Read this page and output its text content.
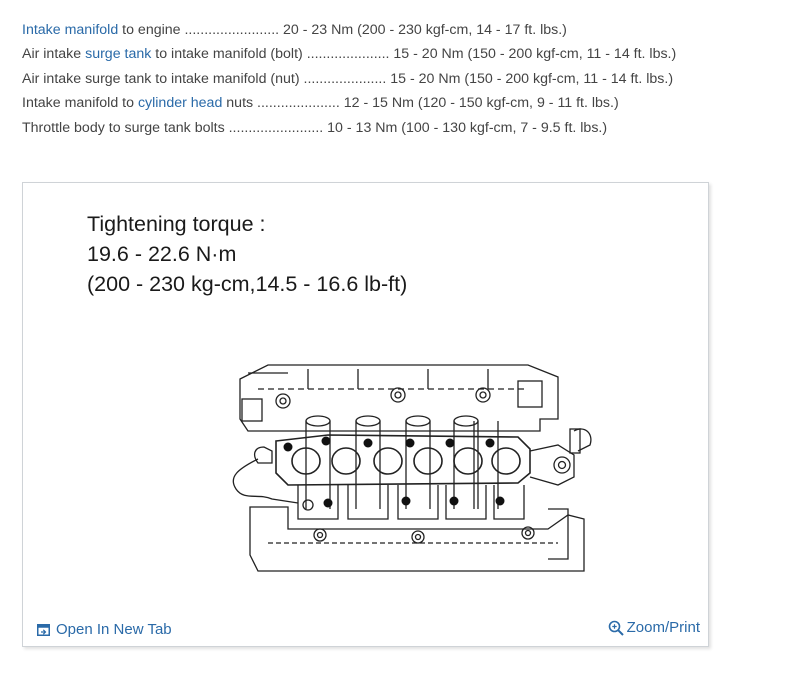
Intake manifold to engine ........................ 20 - 23 Nm (200 - 230 kgf-cm, 14 - 17 ft. lbs.)
Air intake surge tank to intake manifold (bolt) ..................... 15 - 20 Nm (150 - 200 kgf-cm, 11 - 14 ft. lbs.)
Air intake surge tank to intake manifold (nut) ..................... 15 - 20 Nm (150 - 200 kgf-cm, 11 - 14 ft. lbs.)
Intake manifold to cylinder head nuts ..................... 12 - 15 Nm (120 - 150 kgf-cm, 9 - 11 ft. lbs.)
Throttle body to surge tank bolts ........................ 10 - 13 Nm (100 - 130 kgf-cm, 7 - 9.5 ft. lbs.)
Tightening torque :
19.6 - 22.6 N·m
(200 - 230 kg-cm,14.5 - 16.6 lb-ft)
Open In New Tab	Zoom/Print
